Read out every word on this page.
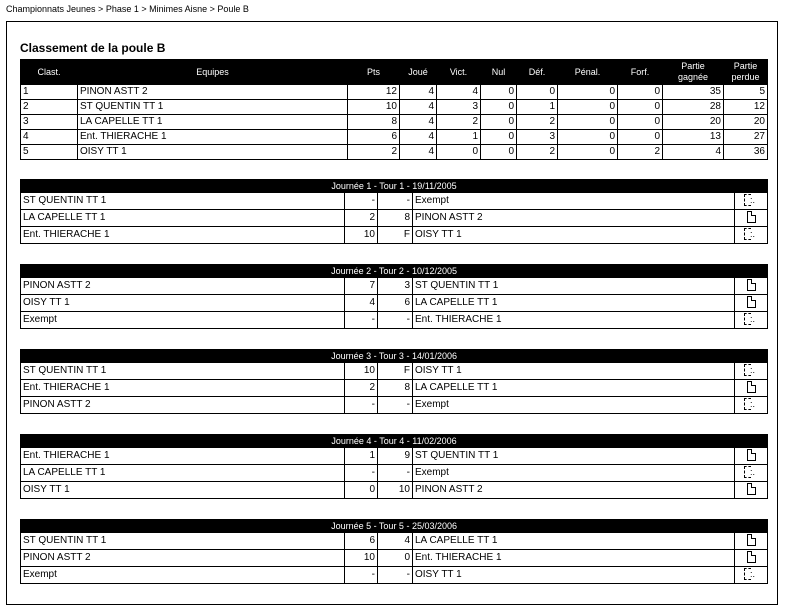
Championnats Jeunes > Phase 1 > Minimes Aisne > Poule B
Classement de la poule B
Clast.	Equipes	Pts	Joué	Vict.	Nul	Déf.	Pénal.	Forf.	Partie gagnée	Partie perdue
1	PINON ASTT 2	12	4	4	0	0	0	0	35	5
2	ST QUENTIN TT 1	10	4	3	0	1	0	0	28	12
3	LA CAPELLE TT 1	8	4	2	0	2	0	0	20	20
4	Ent. THIERACHE 1	6	4	1	0	3	0	0	13	27
5	OISY TT 1	2	4	0	0	2	0	2	4	36
Journée 1 - Tour 1 - 19/11/2005				
ST QUENTIN TT 1	-	-	Exempt	:.

LA CAPELLE TT 1	2	8	PINON ASTT 2	
Ent. THIERACHE 1	10	F	OISY TT 1	:.
Journée 2 - Tour 2 - 10/12/2005				
PINON ASTT 2	7	3	ST QUENTIN TT 1	
OISY TT 1	4	6	LA CAPELLE TT 1	
Exempt	-	-	Ent. THIERACHE 1	:.
Journée 3 - Tour 3 - 14/01/2006				
ST QUENTIN TT 1	10	F	OISY TT 1	:.

Ent. THIERACHE 1	2	8	LA CAPELLE TT 1	
PINON ASTT 2	-	-	Exempt	:.
Journée 4 - Tour 4 - 11/02/2006				
Ent. THIERACHE 1	1	9	ST QUENTIN TT 1	
LA CAPELLE TT 1	-	-	Exempt	:.

OISY TT 1	0	10	PINON ASTT 2	
Journée 5 - Tour 5 - 25/03/2006				
ST QUENTIN TT 1	6	4	LA CAPELLE TT 1	
PINON ASTT 2	10	0	Ent. THIERACHE 1	
Exempt	-	-	OISY TT 1	:.
